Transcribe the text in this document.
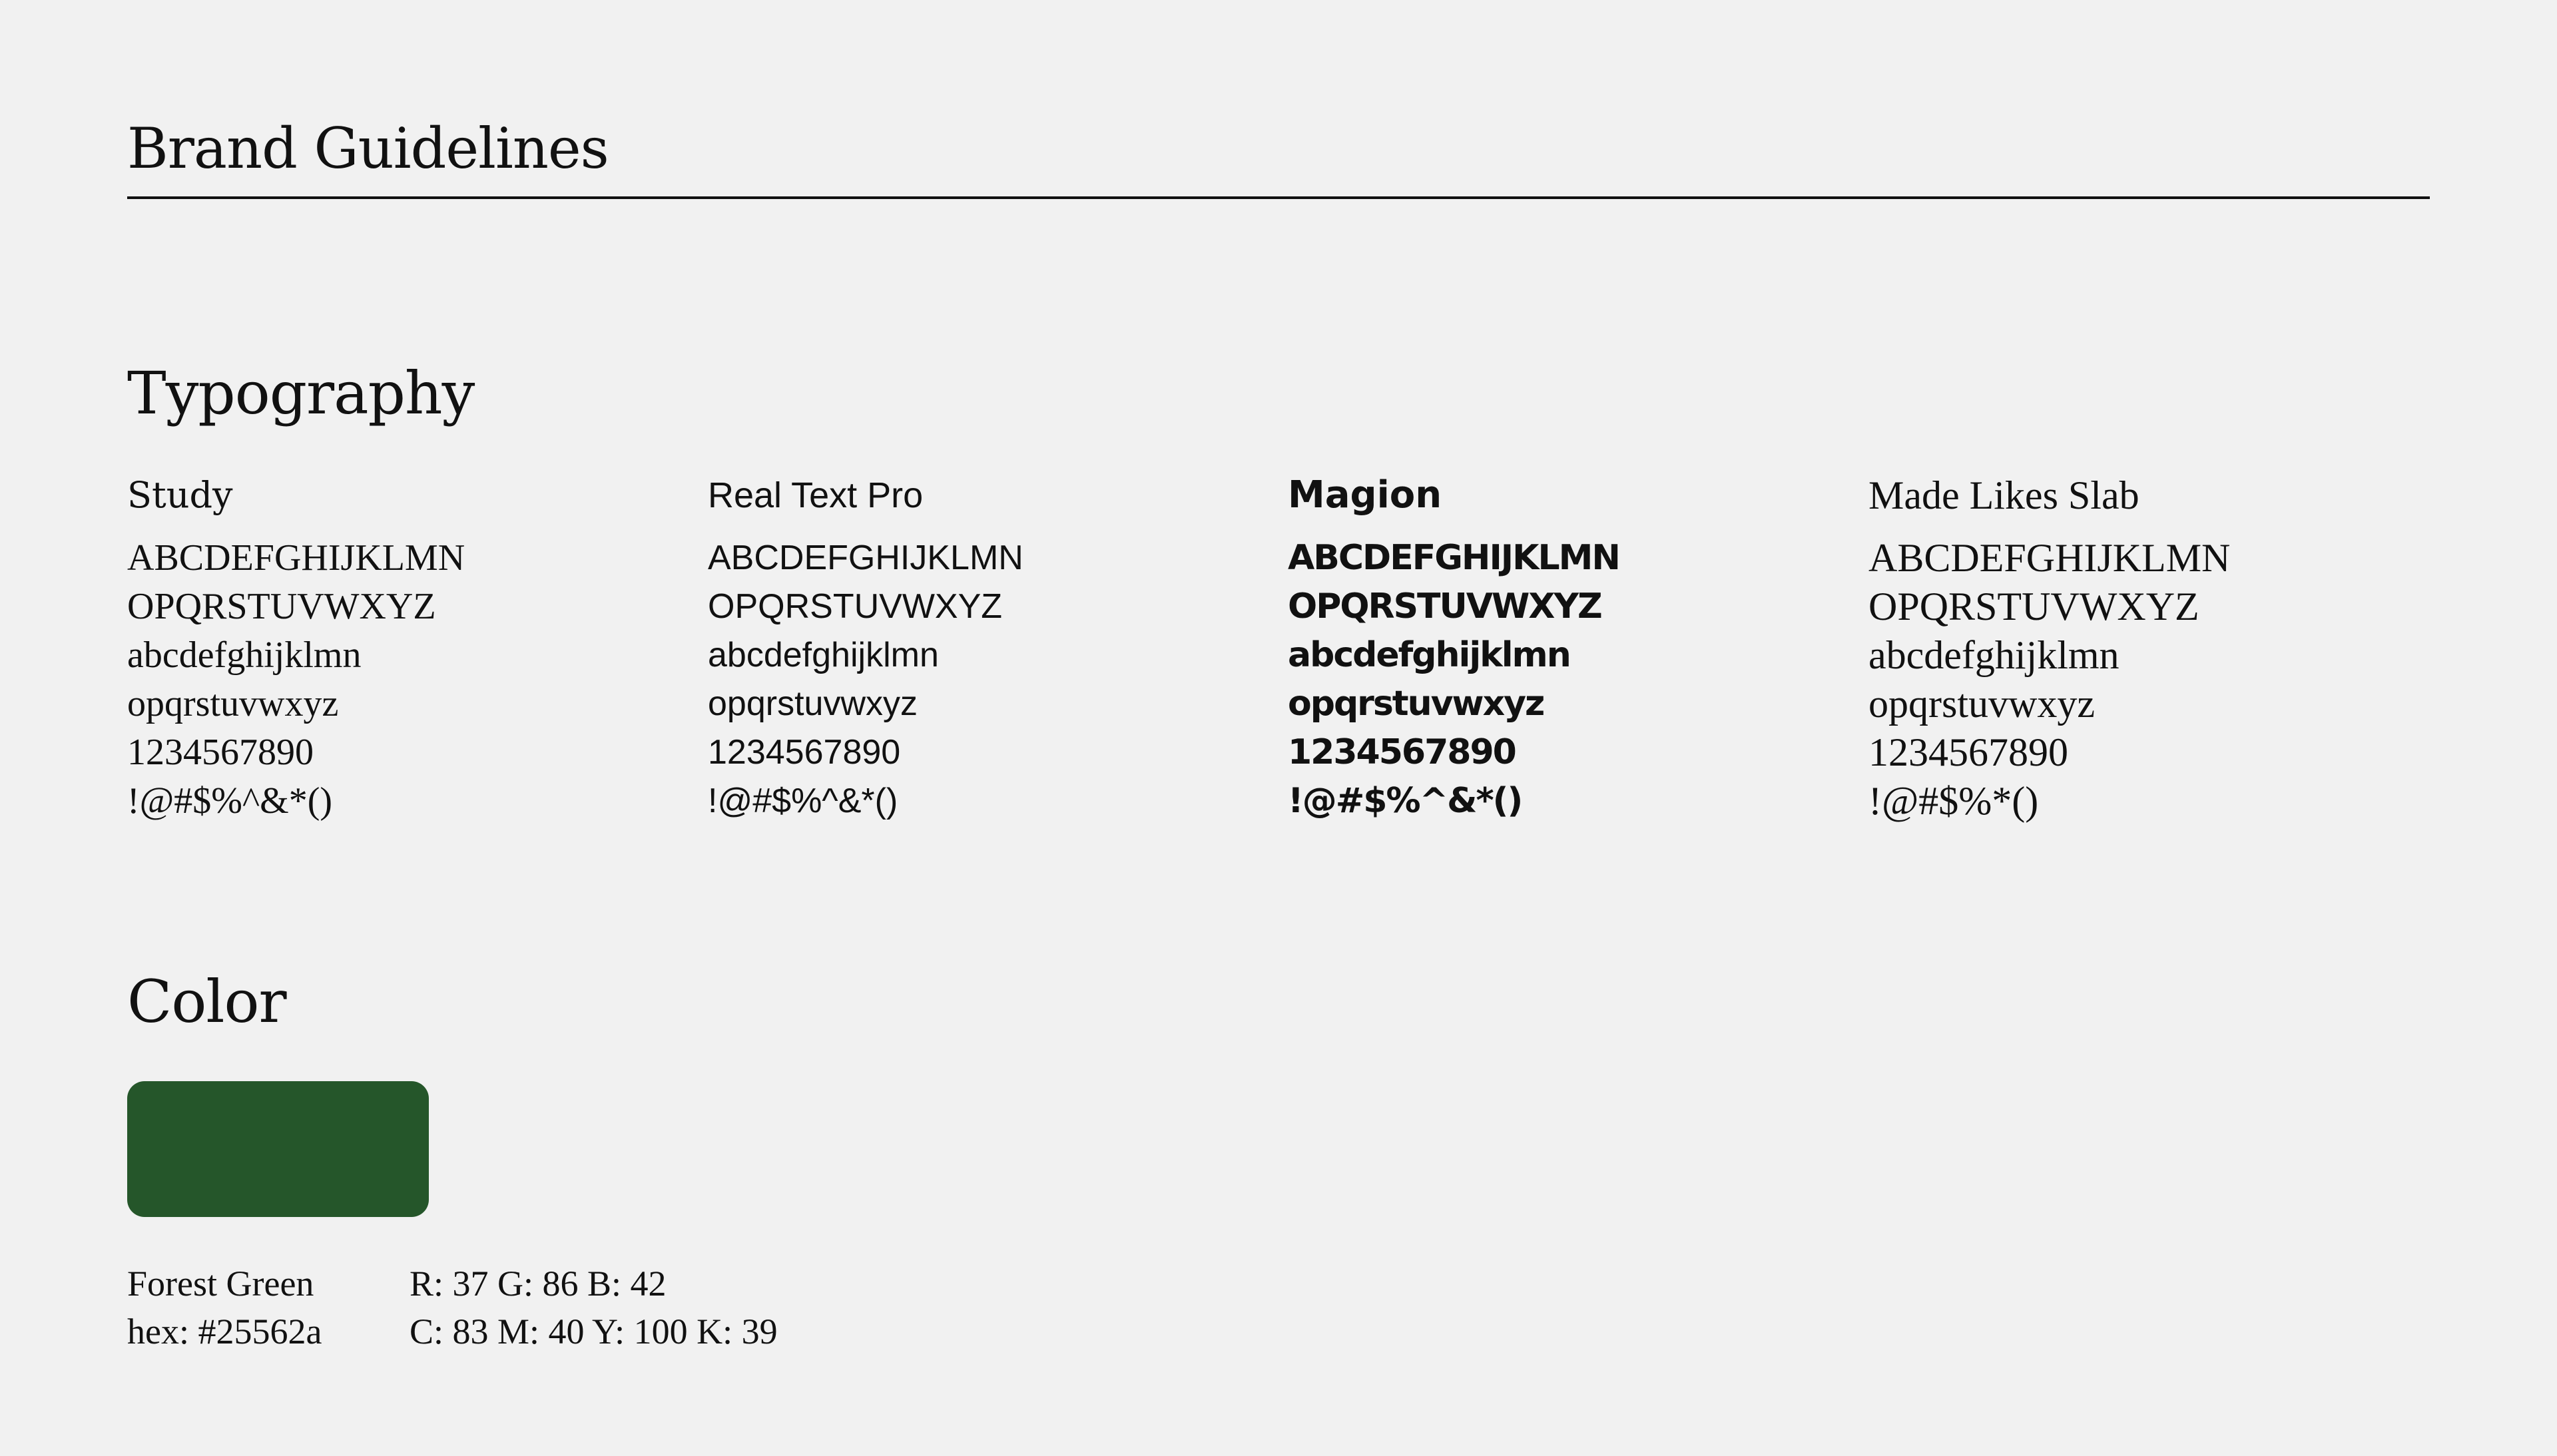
Brand Guidelines
Typography
Study
ABCDEFGHIJKLMN
OPQRSTUVWXYZ
abcdefghijklmn
opqrstuvwxyz
1234567890
!@#$%^&*()
Real Text Pro
ABCDEFGHIJKLMN
OPQRSTUVWXYZ
abcdefghijklmn
opqrstuvwxyz
1234567890
!@#$%^&*()
Magion
ABCDEFGHIJKLMN
OPQRSTUVWXYZ
abcdefghijklmn
opqrstuvwxyz
1234567890
!@#$%^&*()
Made Likes Slab
ABCDEFGHIJKLMN
OPQRSTUVWXYZ
abcdefghijklmn
opqrstuvwxyz
1234567890
!@#$%*()
Color
Forest Green
hex: #25562a
R: 37 G: 86 B: 42
C: 83 M: 40 Y: 100 K: 39
